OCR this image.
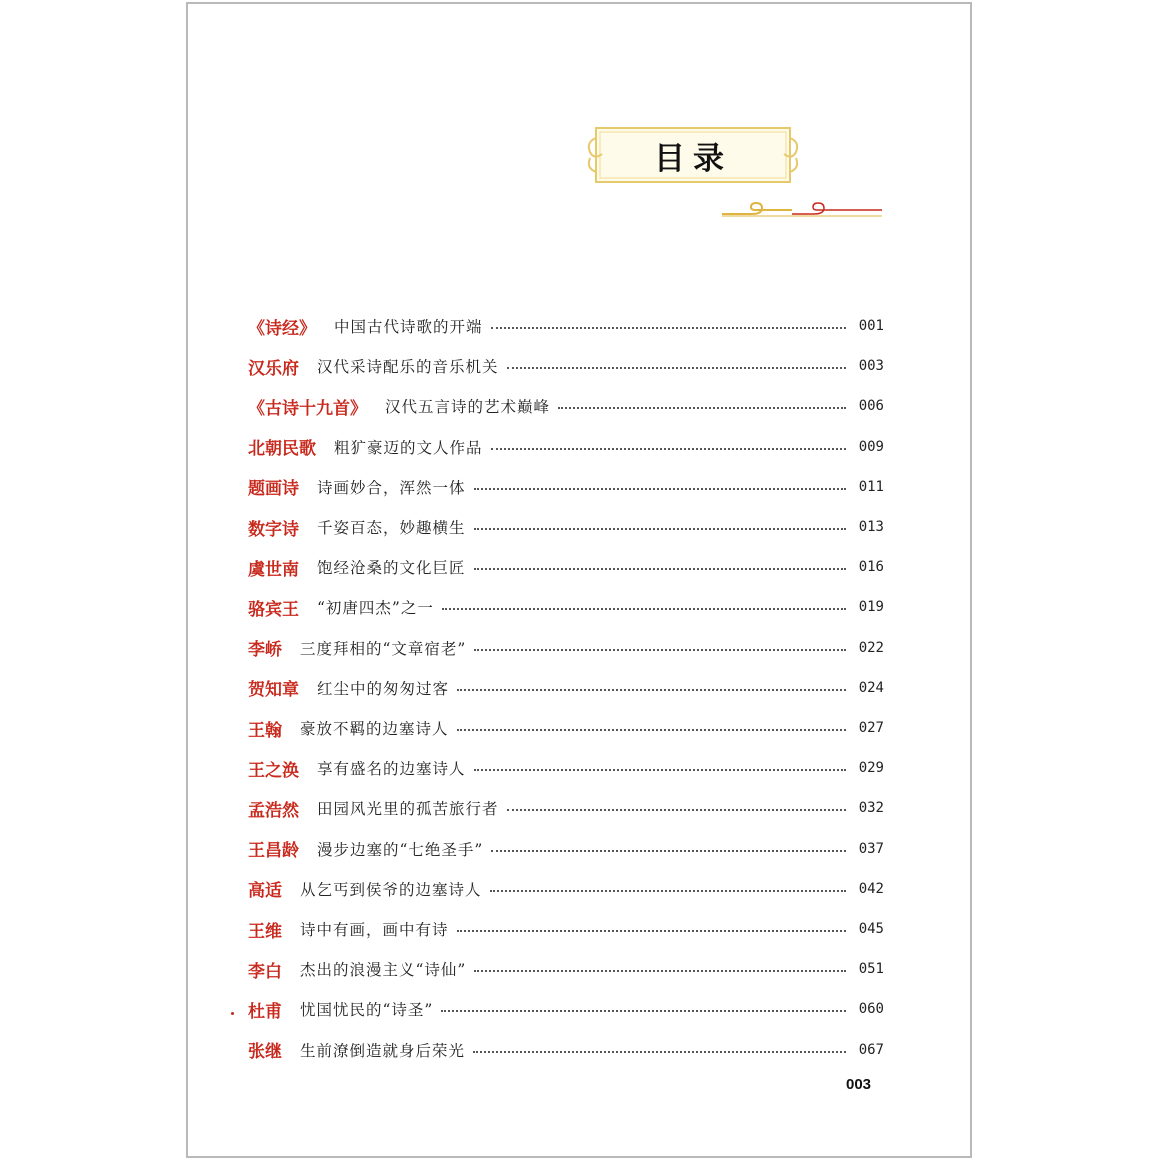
目录
《诗经》 中国古代诗歌的开端	001
汉乐府 汉代采诗配乐的音乐机关	003
《古诗十九首》 汉代五言诗的艺术巅峰	006
北朝民歌 粗犷豪迈的文人作品	009
题画诗 诗画妙合，浑然一体	011
数字诗 千姿百态，妙趣横生	013
虞世南 饱经沧桑的文化巨匠	016
骆宾王 “初唐四杰”之一	019
李峤 三度拜相的“文章宿老”	022
贺知章 红尘中的匆匆过客	024
王翰 豪放不羁的边塞诗人	027
王之涣 享有盛名的边塞诗人	029
孟浩然 田园风光里的孤苦旅行者	032
王昌龄 漫步边塞的“七绝圣手”	037
高适 从乞丐到侯爷的边塞诗人	042
王维 诗中有画，画中有诗	045
李白 杰出的浪漫主义“诗仙”	051
杜甫 忧国忧民的“诗圣”	060
张继 生前潦倒造就身后荣光	067
003
